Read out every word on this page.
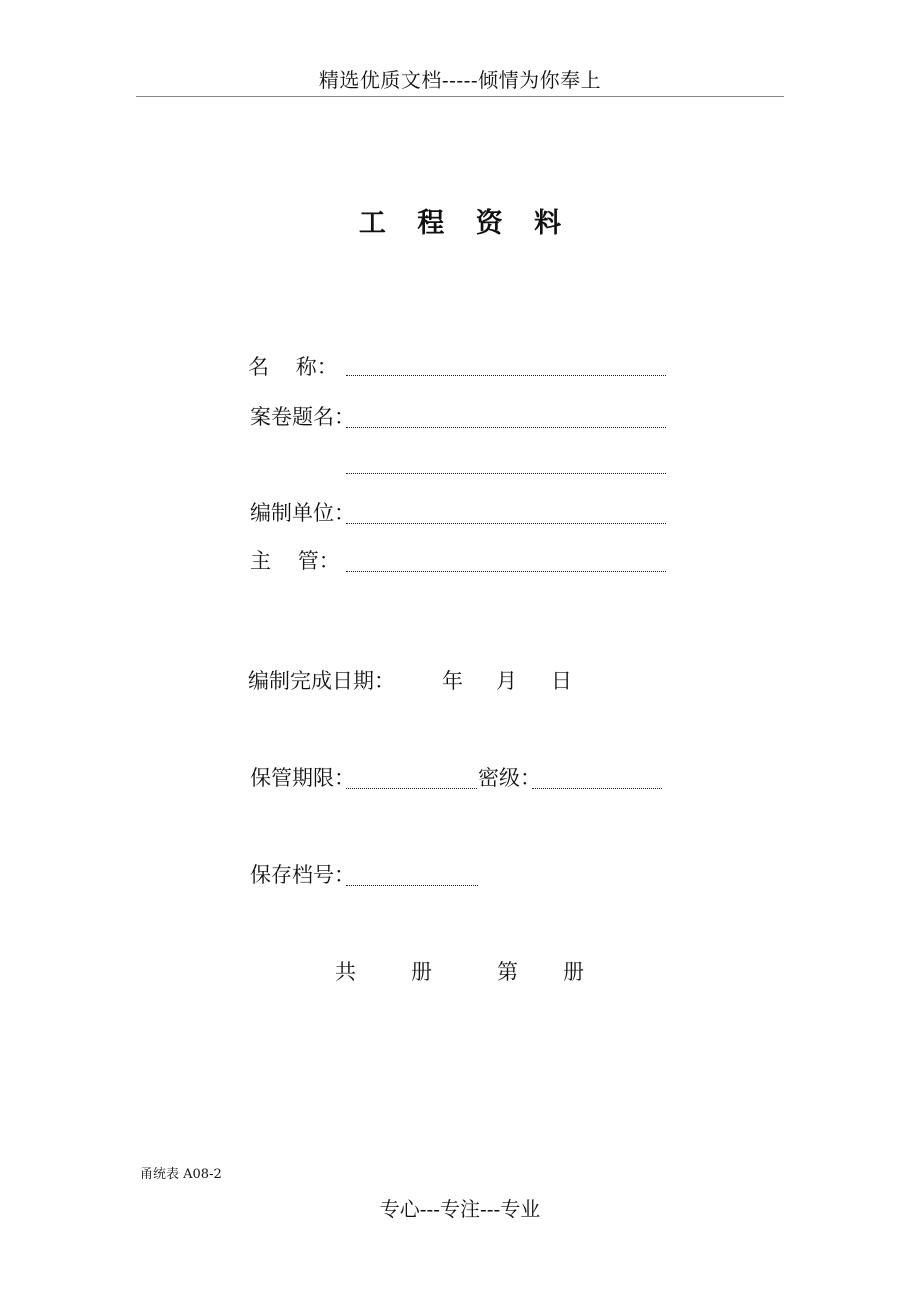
精选优质文档-----倾情为你奉上
工 程 资 料
名    称：
案卷题名：
编制单位：
主    管：
编制完成日期： 年 月 日
保管期限：	密级：
保存档号：
共	册	第 册
甬统表 A08-2
专心---专注---专业
